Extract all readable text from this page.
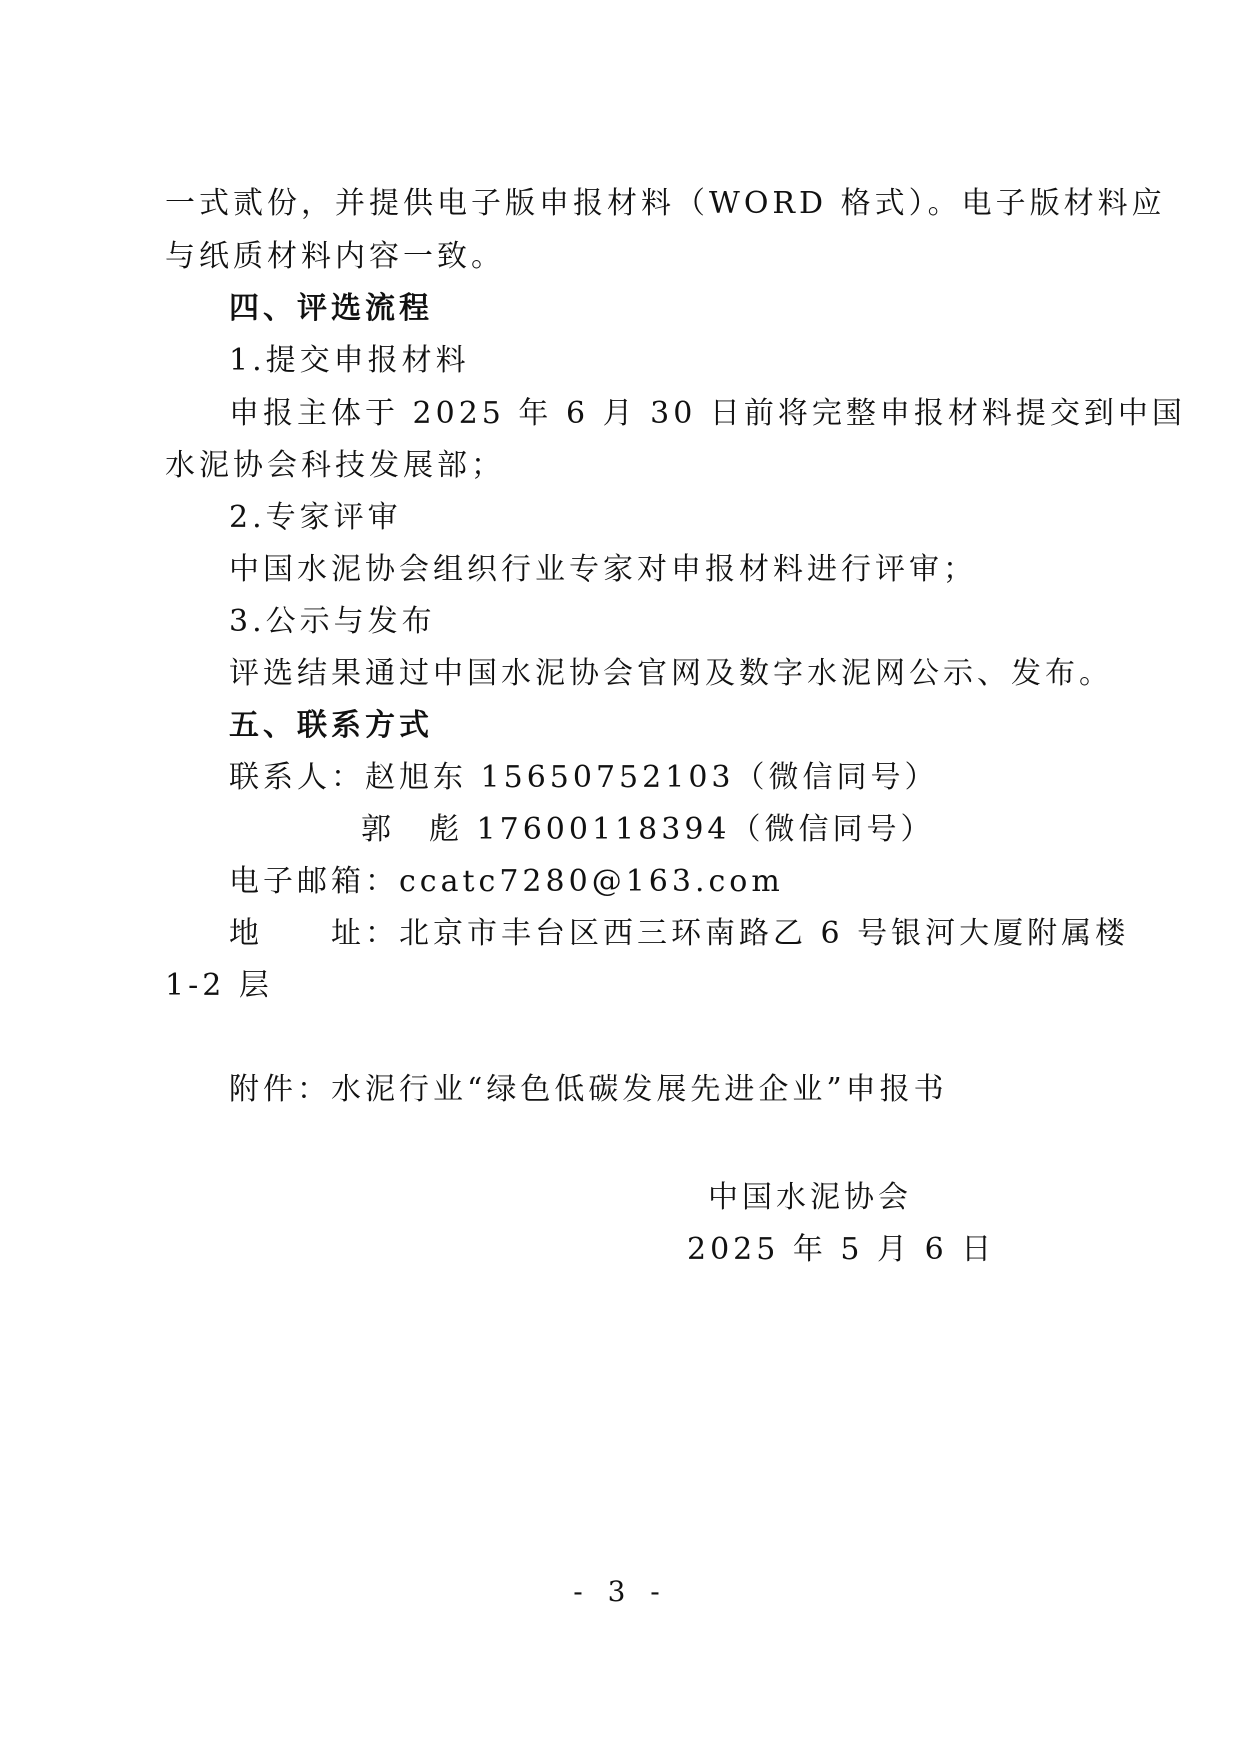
一式贰份，并提供电子版申报材料（WORD 格式）。电子版材料应
与纸质材料内容一致。
四、评选流程
1.提交申报材料
申报主体于 2025 年 6 月 30 日前将完整申报材料提交到中国
水泥协会科技发展部；
2.专家评审
中国水泥协会组织行业专家对申报材料进行评审；
3.公示与发布
评选结果通过中国水泥协会官网及数字水泥网公示、发布。
五、联系方式
联系人：赵旭东 15650752103（微信同号）
郭　彪 17600118394（微信同号）
电子邮箱：ccatc7280@163.com
地　　址：北京市丰台区西三环南路乙 6 号银河大厦附属楼
1-2 层
附件：水泥行业“绿色低碳发展先进企业”申报书
中国水泥协会
2025 年 5 月 6 日
- 3 -
